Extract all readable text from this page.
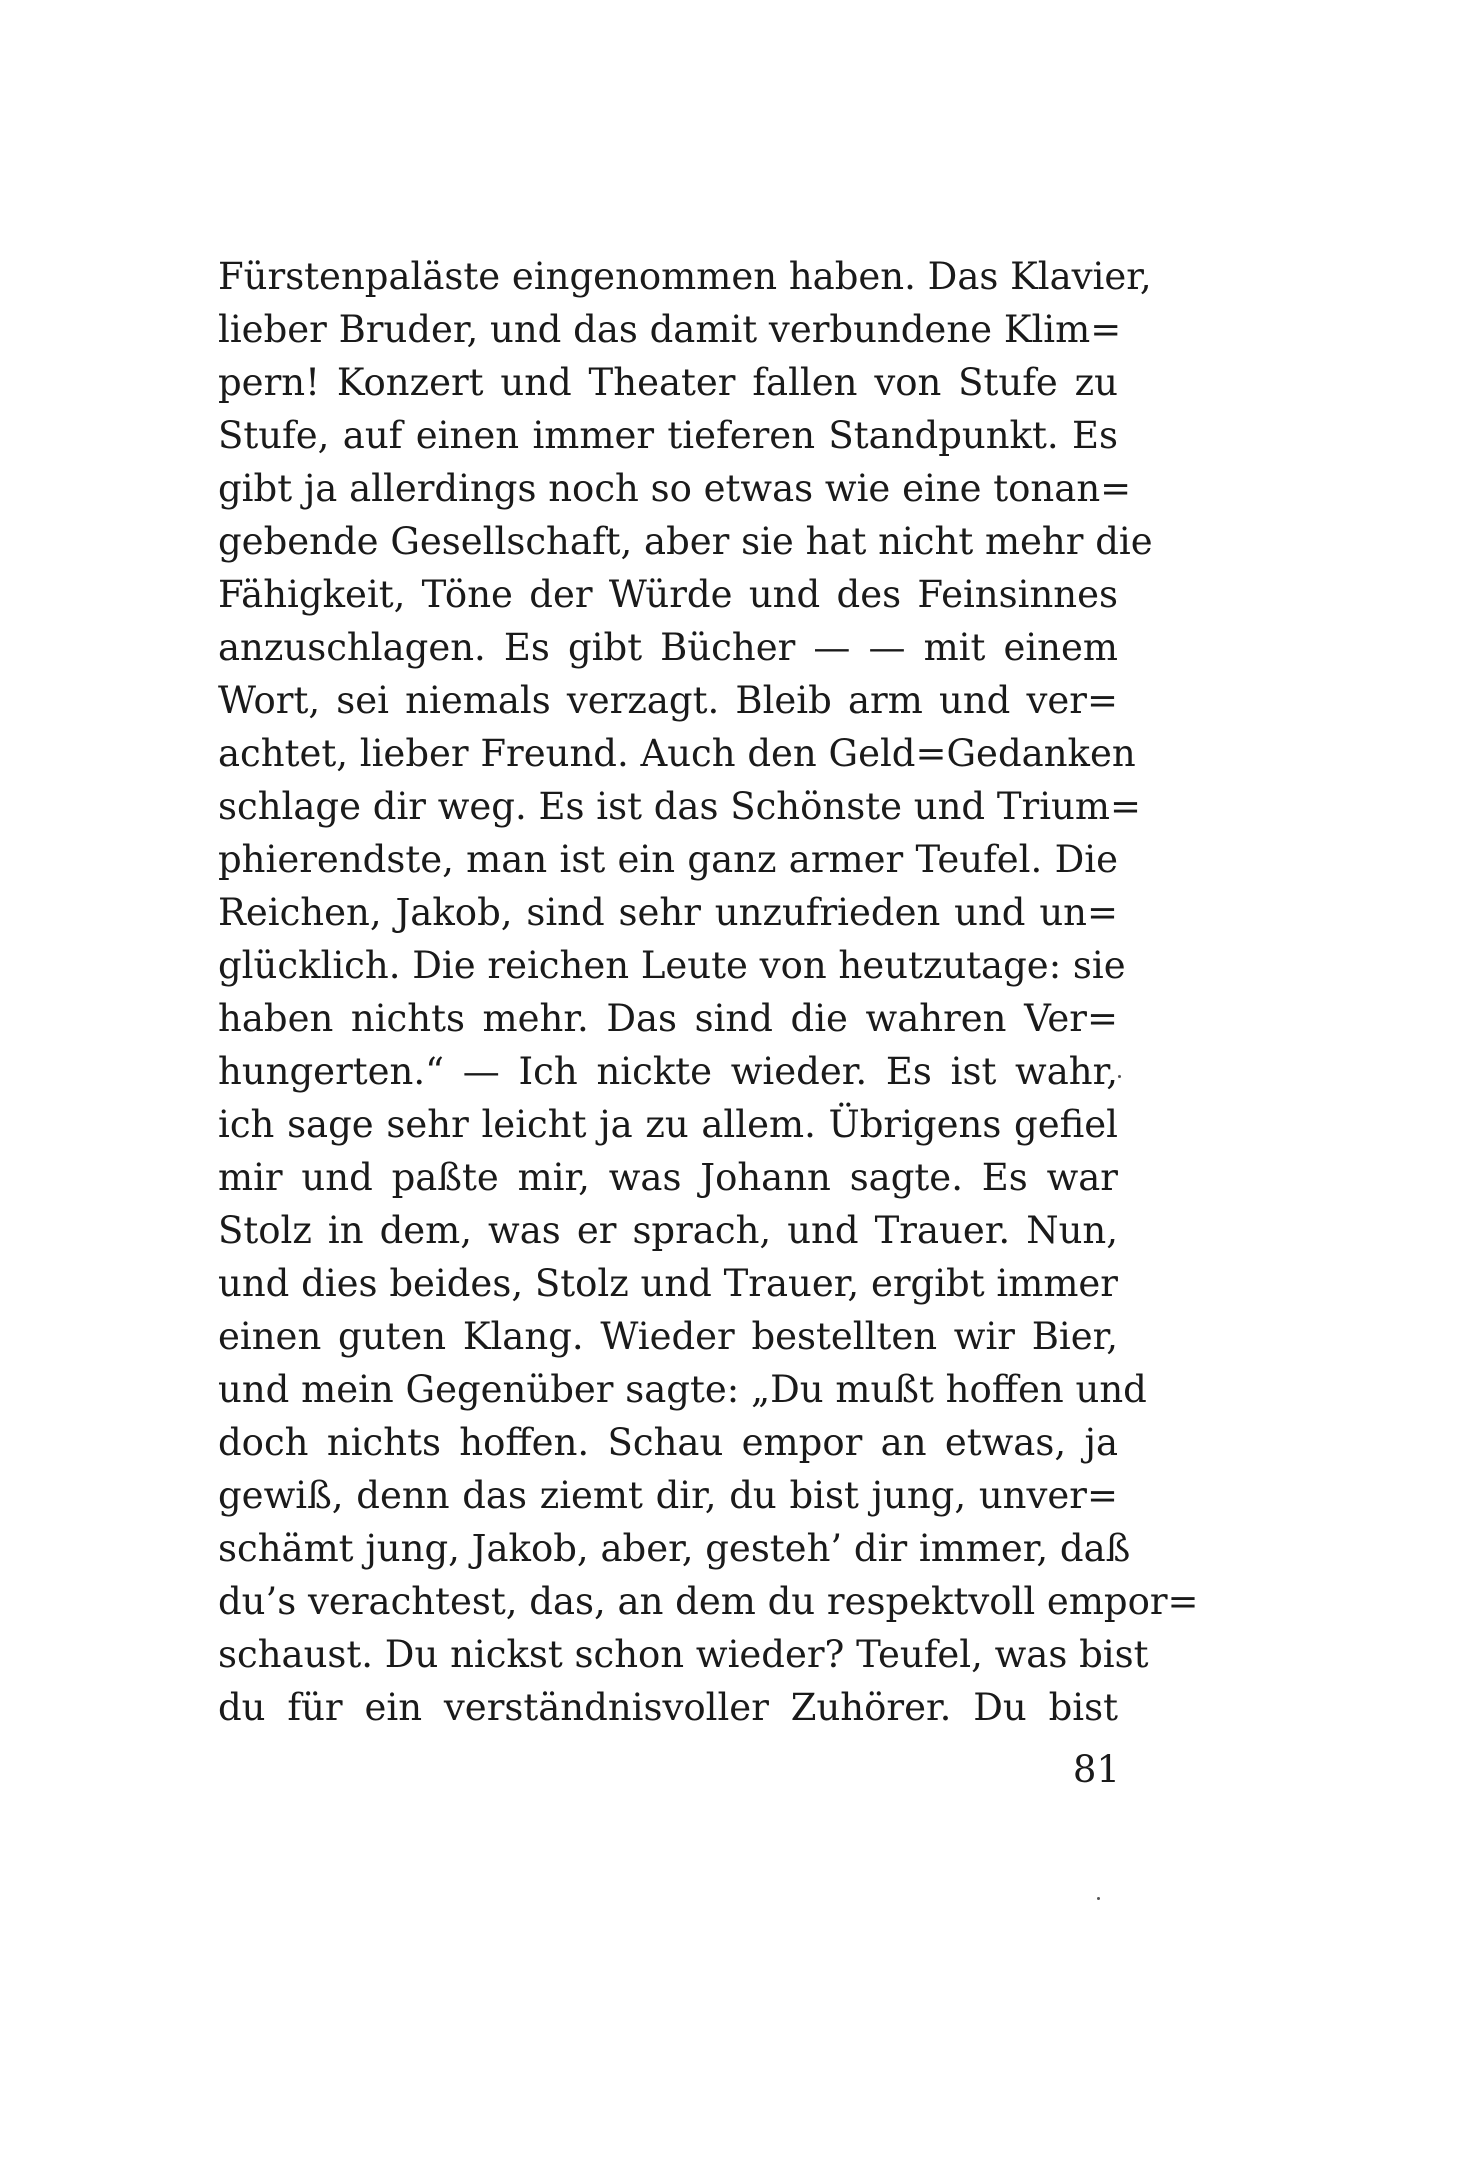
Fürstenpaläste eingenommen haben. Das Klavier,
lieber Bruder, und das damit verbundene Klim=
pern! Konzert und Theater fallen von Stufe zu
Stufe, auf einen immer tieferen Standpunkt. Es
gibt ja allerdings noch so etwas wie eine tonan=
gebende Gesellschaft, aber sie hat nicht mehr die
Fähigkeit, Töne der Würde und des Feinsinnes
anzuschlagen. Es gibt Bücher — — mit einem
Wort, sei niemals verzagt. Bleib arm und ver=
achtet, lieber Freund. Auch den Geld=Gedanken
schlage dir weg. Es ist das Schönste und Trium=
phierendste, man ist ein ganz armer Teufel. Die
Reichen, Jakob, sind sehr unzufrieden und un=
glücklich. Die reichen Leute von heutzutage: sie
haben nichts mehr. Das sind die wahren Ver=
hungerten.“ — Ich nickte wieder. Es ist wahr,
ich sage sehr leicht ja zu allem. Übrigens gefiel
mir und paßte mir, was Johann sagte. Es war
Stolz in dem, was er sprach, und Trauer. Nun,
und dies beides, Stolz und Trauer, ergibt immer
einen guten Klang. Wieder bestellten wir Bier,
und mein Gegenüber sagte: „Du mußt hoffen und
doch nichts hoffen. Schau empor an etwas, ja
gewiß, denn das ziemt dir, du bist jung, unver=
schämt jung, Jakob, aber, gesteh’ dir immer, daß
du’s verachtest, das, an dem du respektvoll empor=
schaust. Du nickst schon wieder? Teufel, was bist
du für ein verständnisvoller Zuhörer. Du bist
81
